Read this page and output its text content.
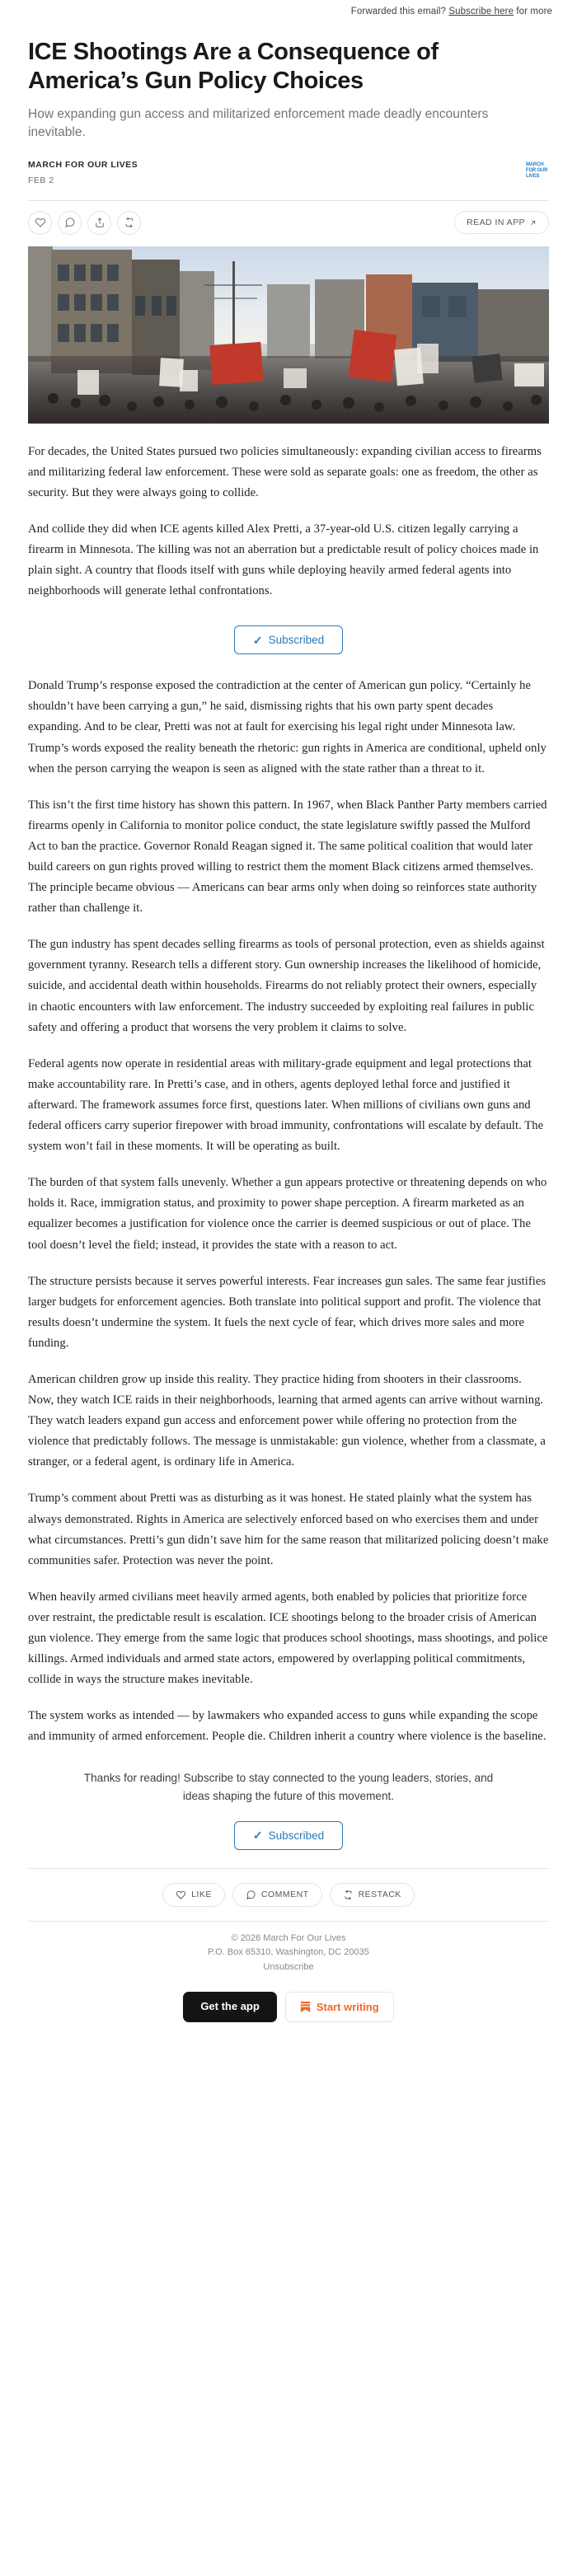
Forwarded this email? Subscribe here for more
ICE Shootings Are a Consequence of America’s Gun Policy Choices
How expanding gun access and militarized enforcement made deadly encounters inevitable.
MARCH FOR OUR LIVES
FEB 2
MARCH
FOR OUR
LIVES
READ IN APP

For decades, the United States pursued two policies simultaneously: expanding civilian access to firearms and militarizing federal law enforcement. These were sold as separate goals: one as freedom, the other as security. But they were always going to collide.

And collide they did when ICE agents killed Alex Pretti, a 37-year-old U.S. citizen legally carrying a firearm in Minnesota. The killing was not an aberration but a predictable result of policy choices made in plain sight. A country that floods itself with guns while deploying heavily armed federal agents into neighborhoods will generate lethal confrontations.

✓ Subscribed

Donald Trump’s response exposed the contradiction at the center of American gun policy. “Certainly he shouldn’t have been carrying a gun,” he said, dismissing rights that his own party spent decades expanding. And to be clear, Pretti was not at fault for exercising his legal right under Minnesota law. Trump’s words exposed the reality beneath the rhetoric: gun rights in America are conditional, upheld only when the person carrying the weapon is seen as aligned with the state rather than a threat to it.

This isn’t the first time history has shown this pattern. In 1967, when Black Panther Party members carried firearms openly in California to monitor police conduct, the state legislature swiftly passed the Mulford Act to ban the practice. Governor Ronald Reagan signed it. The same political coalition that would later build careers on gun rights proved willing to restrict them the moment Black citizens armed themselves. The principle became obvious — Americans can bear arms only when doing so reinforces state authority rather than challenge it.

The gun industry has spent decades selling firearms as tools of personal protection, even as shields against government tyranny. Research tells a different story. Gun ownership increases the likelihood of homicide, suicide, and accidental death within households. Firearms do not reliably protect their owners, especially in chaotic encounters with law enforcement. The industry succeeded by exploiting real failures in public safety and offering a product that worsens the very problem it claims to solve.

Federal agents now operate in residential areas with military-grade equipment and legal protections that make accountability rare. In Pretti’s case, and in others, agents deployed lethal force and justified it afterward. The framework assumes force first, questions later. When millions of civilians own guns and federal officers carry superior firepower with broad immunity, confrontations will escalate by default. The system won’t fail in these moments. It will be operating as built.

The burden of that system falls unevenly. Whether a gun appears protective or threatening depends on who holds it. Race, immigration status, and proximity to power shape perception. A firearm marketed as an equalizer becomes a justification for violence once the carrier is deemed suspicious or out of place. The tool doesn’t level the field; instead, it provides the state with a reason to act.

The structure persists because it serves powerful interests. Fear increases gun sales. The same fear justifies larger budgets for enforcement agencies. Both translate into political support and profit. The violence that results doesn’t undermine the system. It fuels the next cycle of fear, which drives more sales and more funding.

American children grow up inside this reality. They practice hiding from shooters in their classrooms. Now, they watch ICE raids in their neighborhoods, learning that armed agents can arrive without warning. They watch leaders expand gun access and enforcement power while offering no protection from the violence that predictably follows. The message is unmistakable: gun violence, whether from a classmate, a stranger, or a federal agent, is ordinary life in America.

Trump’s comment about Pretti was as disturbing as it was honest. He stated plainly what the system has always demonstrated. Rights in America are selectively enforced based on who exercises them and under what circumstances. Pretti’s gun didn’t save him for the same reason that militarized policing doesn’t make communities safer. Protection was never the point.

When heavily armed civilians meet heavily armed agents, both enabled by policies that prioritize force over restraint, the predictable result is escalation. ICE shootings belong to the broader crisis of American gun violence. They emerge from the same logic that produces school shootings, mass shootings, and police killings. Armed individuals and armed state actors, empowered by overlapping political commitments, collide in ways the structure makes inevitable.

The system works as intended — by lawmakers who expanded access to guns while expanding the scope and immunity of armed enforcement. People die. Children inherit a country where violence is the baseline.

Thanks for reading! Subscribe to stay connected to the young leaders, stories, and ideas shaping the future of this movement.
✓ Subscribed
LIKE	COMMENT	RESTACK
© 2026 March For Our Lives
P.O. Box 65310, Washington, DC 20035
Unsubscribe
Get the app	Start writing
